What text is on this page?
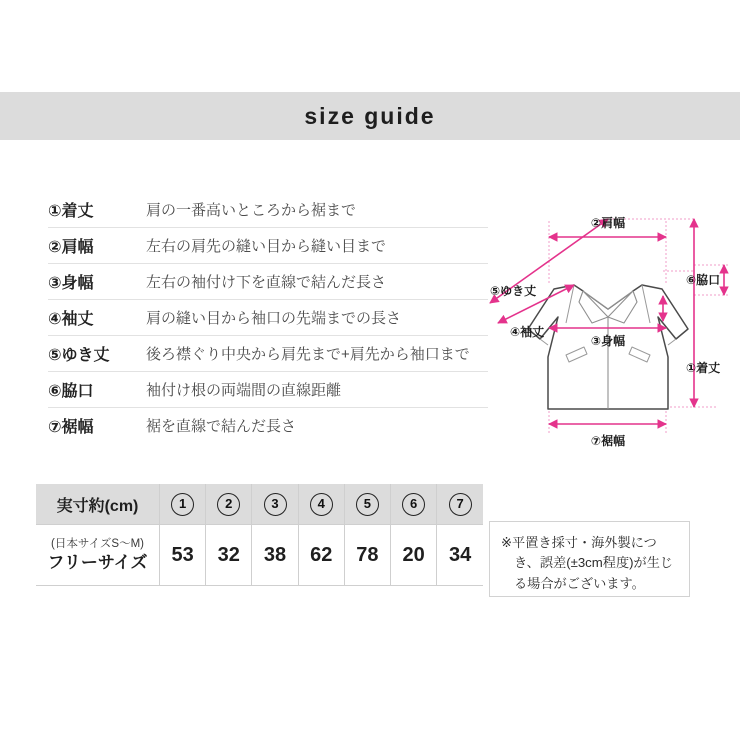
size guide
①着丈	肩の一番高いところから裾まで
②肩幅	左右の肩先の縫い目から縫い目まで
③身幅	左右の袖付け下を直線で結んだ長さ
④袖丈	肩の縫い目から袖口の先端までの長さ
⑤ゆき丈	後ろ襟ぐり中央から肩先まで+肩先から袖口まで
⑥脇口	袖付け根の両端間の直線距離
⑦裾幅	裾を直線で結んだ長さ
②肩幅
③身幅
⑦裾幅
⑤ゆき丈
④袖丈
⑥脇口
①着丈
実寸約(cm)	1	2	3	4	5	6	7

(日本サイズS〜M)
フリーサイズ	53	32	38	62	78	20	34

※平置き採寸・海外製につき、誤差(±3cm程度)が生じる場合がございます。
